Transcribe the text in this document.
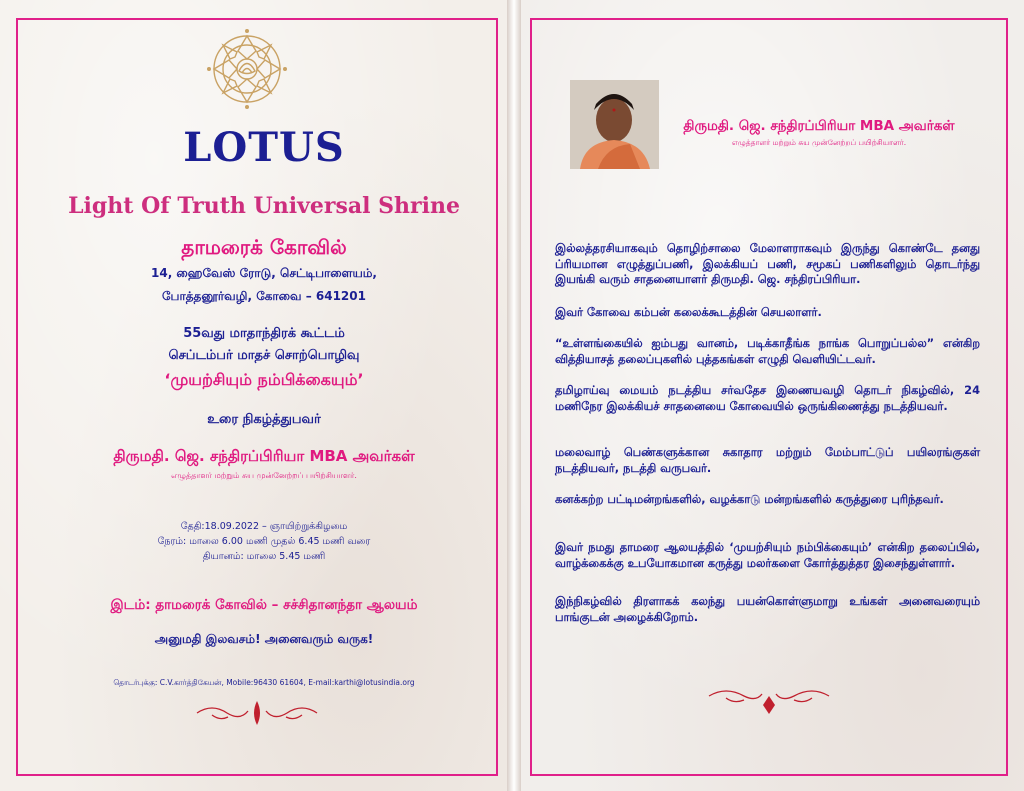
LOTUS
Light Of Truth Universal Shrine
தாமரைக் கோவில்
14, ஹைவேஸ் ரோடு, செட்டிபாளையம்,
போத்தனூர்வழி, கோவை – 641201
55வது மாதாந்திரக் கூட்டம்
செப்டம்பர் மாதச் சொற்பொழிவு
‘முயற்சியும் நம்பிக்கையும்’
உரை நிகழ்த்துபவர்
திருமதி. ஜெ. சந்திரப்பிரியா MBA அவர்கள்
எழுத்தாளர் மற்றும் சுய முன்னேற்றப் பயிற்சியாளர்.
தேதி:18.09.2022 – ஞாயிற்றுக்கிழமை
நேரம்: மாலை 6.00 மணி முதல் 6.45 மணி வரை
தியானம்: மாலை 5.45 மணி
இடம்: தாமரைக் கோவில் – சச்சிதானந்தா ஆலயம்
அனுமதி இலவசம்! அனைவரும் வருக!
தொடர்புக்கு: C.V.கார்த்திகேயன், Mobile:96430 61604, E-mail:karthi@lotusindia.org
திருமதி. ஜெ. சந்திரப்பிரியா MBA அவர்கள்
எழுத்தாளர் மற்றும் சுய முன்னேற்றப் பயிற்சியாளர்.

இல்லத்தரசியாகவும் தொழிற்சாலை மேலாளராகவும் இருந்து கொண்டே தனது ப்ரியமான எழுத்துப்பணி, இலக்கியப் பணி, சமூகப் பணிகளிலும் தொடர்ந்து இயங்கி வரும் சாதனையாளர் திருமதி. ஜெ. சந்திரப்பிரியா.

இவர் கோவை கம்பன் கலைக்கூடத்தின் செயலாளர்.

“உள்ளங்கையில் ஐம்பது வானம், படிக்காதீங்க நாங்க பொறுப்பல்ல” என்கிற வித்தியாசத் தலைப்புகளில் புத்தகங்கள் எழுதி வெளியிட்டவர்.

தமிழாய்வு மையம் நடத்திய சர்வதேச இணையவழி தொடர் நிகழ்வில், 24 மணிநேர இலக்கியச் சாதனையை கோவையில் ஒருங்கிணைத்து நடத்தியவர்.

மலைவாழ் பெண்களுக்கான சுகாதார மற்றும் மேம்பாட்டுப் பயிலரங்குகள் நடத்தியவர், நடத்தி வருபவர்.

கனக்கற்ற பட்டிமன்றங்களில், வழக்காடு மன்றங்களில் கருத்துரை புரிந்தவர்.

இவர் நமது தாமரை ஆலயத்தில் ‘முயற்சியும் நம்பிக்கையும்’ என்கிற தலைப்பில், வாழ்க்கைக்கு உபயோகமான கருத்து மலர்களை கோர்த்துத்தர இசைந்துள்ளார்.

இந்நிகழ்வில் திரளாகக் கலந்து பயன்கொள்ளுமாறு உங்கள் அனைவரையும் பாங்குடன் அழைக்கிறோம்.
